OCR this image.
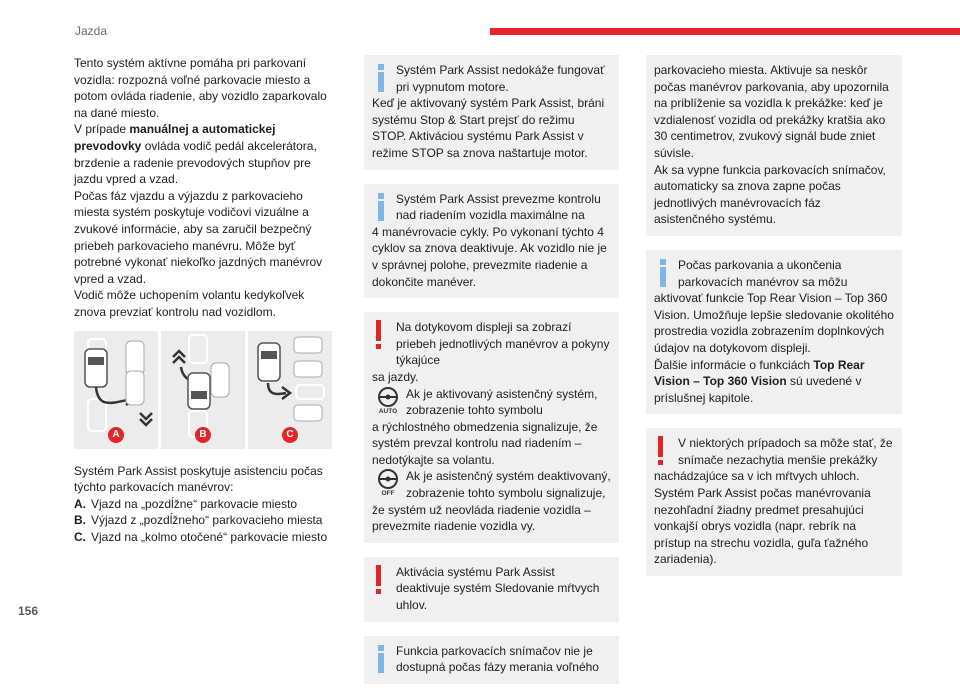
Jazda

Tento systém aktívne pomáha pri parkovaní vozidla: rozpozná voľné parkovacie miesto a potom ovláda riadenie, aby vozidlo zaparkovalo na dané miesto.

V prípade manuálnej a automatickej prevodovky ovláda vodič pedál akcelerátora, brzdenie a radenie prevodových stupňov pre jazdu vpred a vzad.

Počas fáz vjazdu a výjazdu z parkovacieho miesta systém poskytuje vodičovi vizuálne a zvukové informácie, aby sa zaručil bezpečný priebeh parkovacieho manévru. Môže byť potrebné vykonať niekoľko jazdných manévrov vpred a vzad.

Vodič môže uchopením volantu kedykoľvek znova prevziať kontrolu nad vozidlom.

A	B	C

Systém Park Assist poskytuje asistenciu počas týchto parkovacích manévrov:

A. Vjazd na „pozdĺžne“ parkovacie miesto
B. Výjazd z „pozdĺžneho“ parkovacieho miesta
C. Vjazd na „kolmo otočené“ parkovacie miesto
Systém Park Assist nedokáže fungovať pri vypnutom motore.
Keď je aktivovaný systém Park Assist, bráni systému Stop & Start prejsť do režimu STOP. Aktiváciou systému Park Assist v režime STOP sa znova naštartuje motor.
Systém Park Assist prevezme kontrolu nad riadením vozidla maximálne na
4 manévrovacie cykly. Po vykonaní týchto 4 cyklov sa znova deaktivuje. Ak vozidlo nie je v správnej polohe, prevezmite riadenie a dokončite manéver.
Na dotykovom displeji sa zobrazí priebeh jednotlivých manévrov a pokyny týkajúce
sa jazdy.
AUTO
Ak je aktivovaný asistenčný systém, zobrazenie tohto symbolu
a rýchlostného obmedzenia signalizuje, že systém prevzal kontrolu nad riadením – nedotýkajte sa volantu.
OFF
Ak je asistenčný systém deaktivovaný, zobrazenie tohto symbolu signalizuje,
že systém už neovláda riadenie vozidla – prevezmite riadenie vozidla vy.
Aktivácia systému Park Assist deaktivuje systém Sledovanie mŕtvych uhlov.
Funkcia parkovacích snímačov nie je dostupná počas fázy merania voľného
parkovacieho miesta. Aktivuje sa neskôr počas manévrov parkovania, aby upozornila na priblíženie sa vozidla k prekážke: keď je vzdialenosť vozidla od prekážky kratšia ako 30 centimetrov, zvukový signál bude zniet súvisle.
Ak sa vypne funkcia parkovacích snímačov, automaticky sa znova zapne počas jednotlivých manévrovacích fáz asistenčného systému.
Počas parkovania a ukončenia parkovacích manévrov sa môžu
aktivovať funkcie Top Rear Vision – Top 360 Vision. Umožňuje lepšie sledovanie okolitého prostredia vozidla zobrazením doplnkových údajov na dotykovom displeji.
Ďalšie informácie o funkciách Top Rear Vision – Top 360 Vision sú uvedené v príslušnej kapitole.
V niektorých prípadoch sa môže stať, že snímače nezachytia menšie prekážky
nachádzajúce sa v ich mŕtvych uhloch. Systém Park Assist počas manévrovania nezohľadní žiadny predmet presahujúci vonkajší obrys vozidla (napr. rebrík na prístup na strechu vozidla, guľa ťažného zariadenia).
156
